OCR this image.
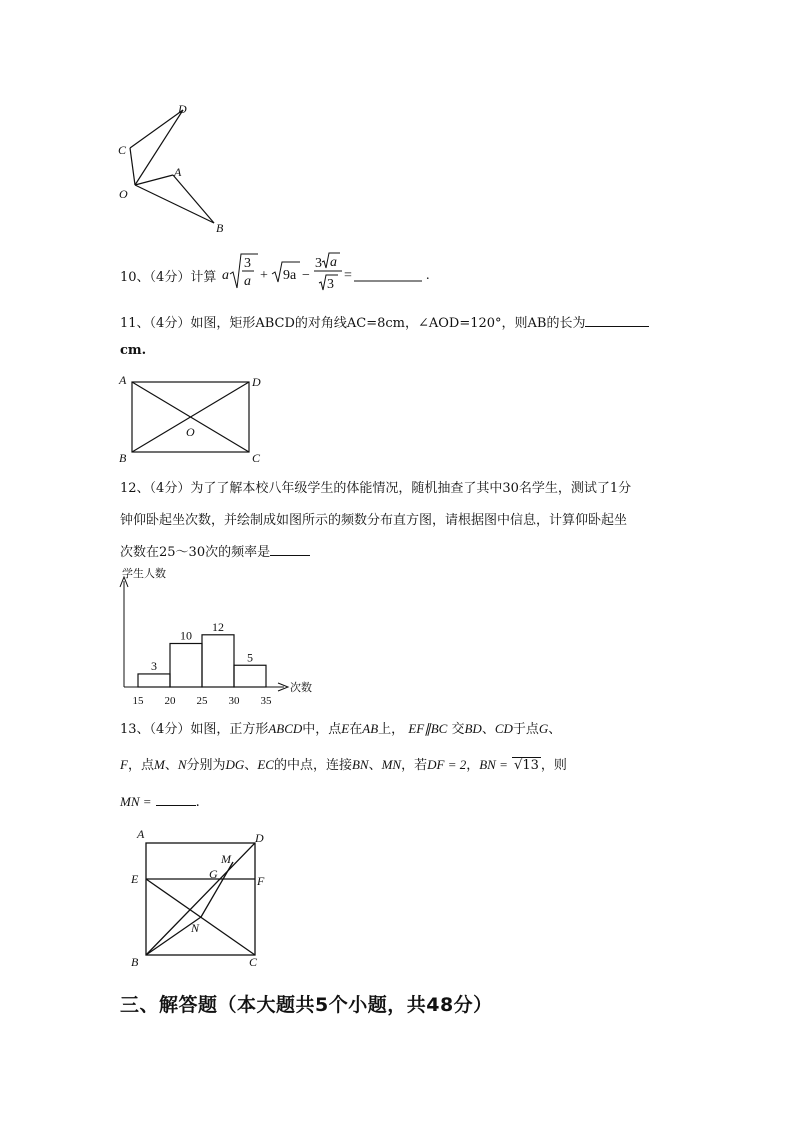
D
C
A
O
B
10、（4分）计算 a
3
a + 9a −
3 a
3
=	.
11、（4分）如图，矩形ABCD的对角线AC=8cm，∠AOD=120°，则AB的长为
cm.
A	D
B	C
O
12、（4分）为了了解本校八年级学生的体能情况，随机抽查了其中30名学生，测试了1分
钟仰卧起坐次数，并绘制成如图所示的频数分布直方图，请根据图中信息，计算仰卧起坐
次数在25～30次的频率是
3
10
12
5
15 20 25 30 35
学生人数
次数
13、（4分）如图，正方形ABCD中，点E在AB上， EF∥BC 交BD、CD于点G、
F，点M、N分别为DG、EC的中点，连接BN、MN，若DF = 2，BN = √13 ，则
MN =	.
A	D
E	F
G
M
N
B	C
三、解答题（本大题共5个小题，共48分）
